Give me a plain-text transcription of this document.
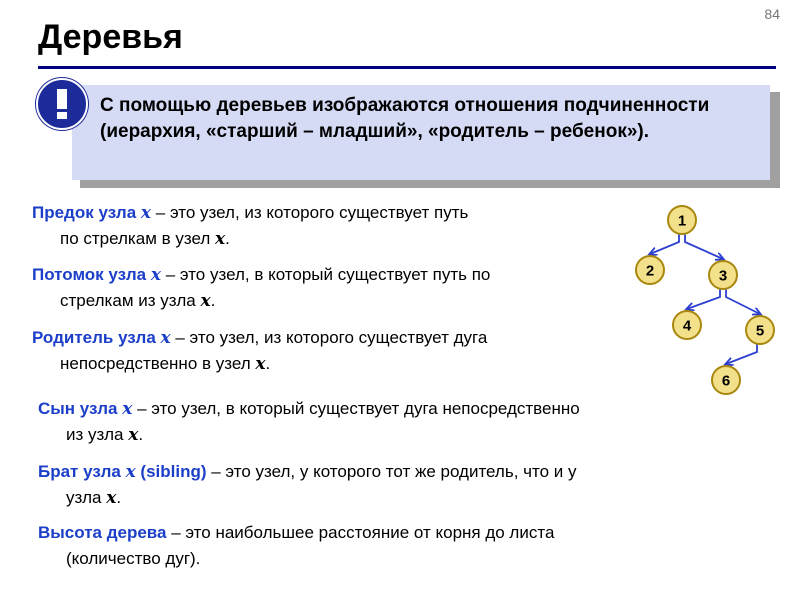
84
Деревья
С помощью деревьев изображаются отношения подчиненности (иерархия, «старший – младший», «родитель – ребенок»).
Предок узла x – это узел, из которого существует путь
по стрелкам в узел x.
Потомок узла x – это узел, в который существует путь по
стрелкам из узла x.
Родитель узла x – это узел, из которого существует дуга
непосредственно в узел x.
Сын узла x – это узел, в который существует дуга непосредственно
из узла x.
Брат узла x (sibling) – это узел, у которого тот же родитель, что и у
узла x.
Высота дерева – это наибольшее расстояние от корня до листа
(количество дуг).
1
2	3
4	5
6
